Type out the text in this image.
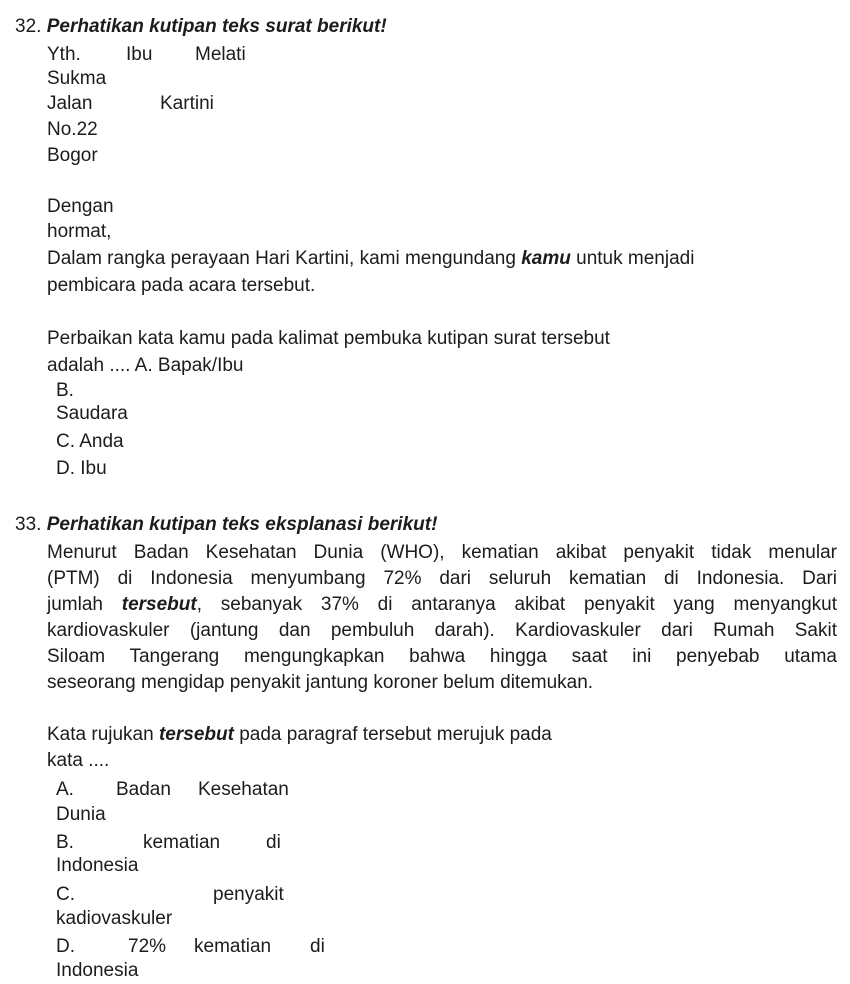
32. Perhatikan kutipan teks surat berikut!
Yth. Ibu Melati
Sukma
Jalan	Kartini
No.22
Bogor
Dengan
hormat,
Dalam rangka perayaan Hari Kartini, kami mengundang kamu untuk menjadi
pembicara pada acara tersebut.
Perbaikan kata kamu pada kalimat pembuka kutipan surat tersebut
adalah .... A. Bapak/Ibu
B.
Saudara
C. Anda
D. Ibu
33. Perhatikan kutipan teks eksplanasi berikut!
Menurut Badan Kesehatan Dunia (WHO), kematian akibat penyakit tidak menular
(PTM) di Indonesia menyumbang 72% dari seluruh kematian di Indonesia. Dari
jumlah tersebut, sebanyak 37% di antaranya akibat penyakit yang menyangkut
kardiovaskuler (jantung dan pembuluh darah). Kardiovaskuler dari Rumah Sakit
Siloam Tangerang mengungkapkan bahwa hingga saat ini penyebab utama
seseorang mengidap penyakit jantung koroner belum ditemukan.
Kata rujukan tersebut pada paragraf tersebut merujuk pada
kata ....
A. Badan Kesehatan
Dunia
B.	kematian di
Indonesia
C.	penyakit
kadiovaskuler
D.	72% kematian di
Indonesia
